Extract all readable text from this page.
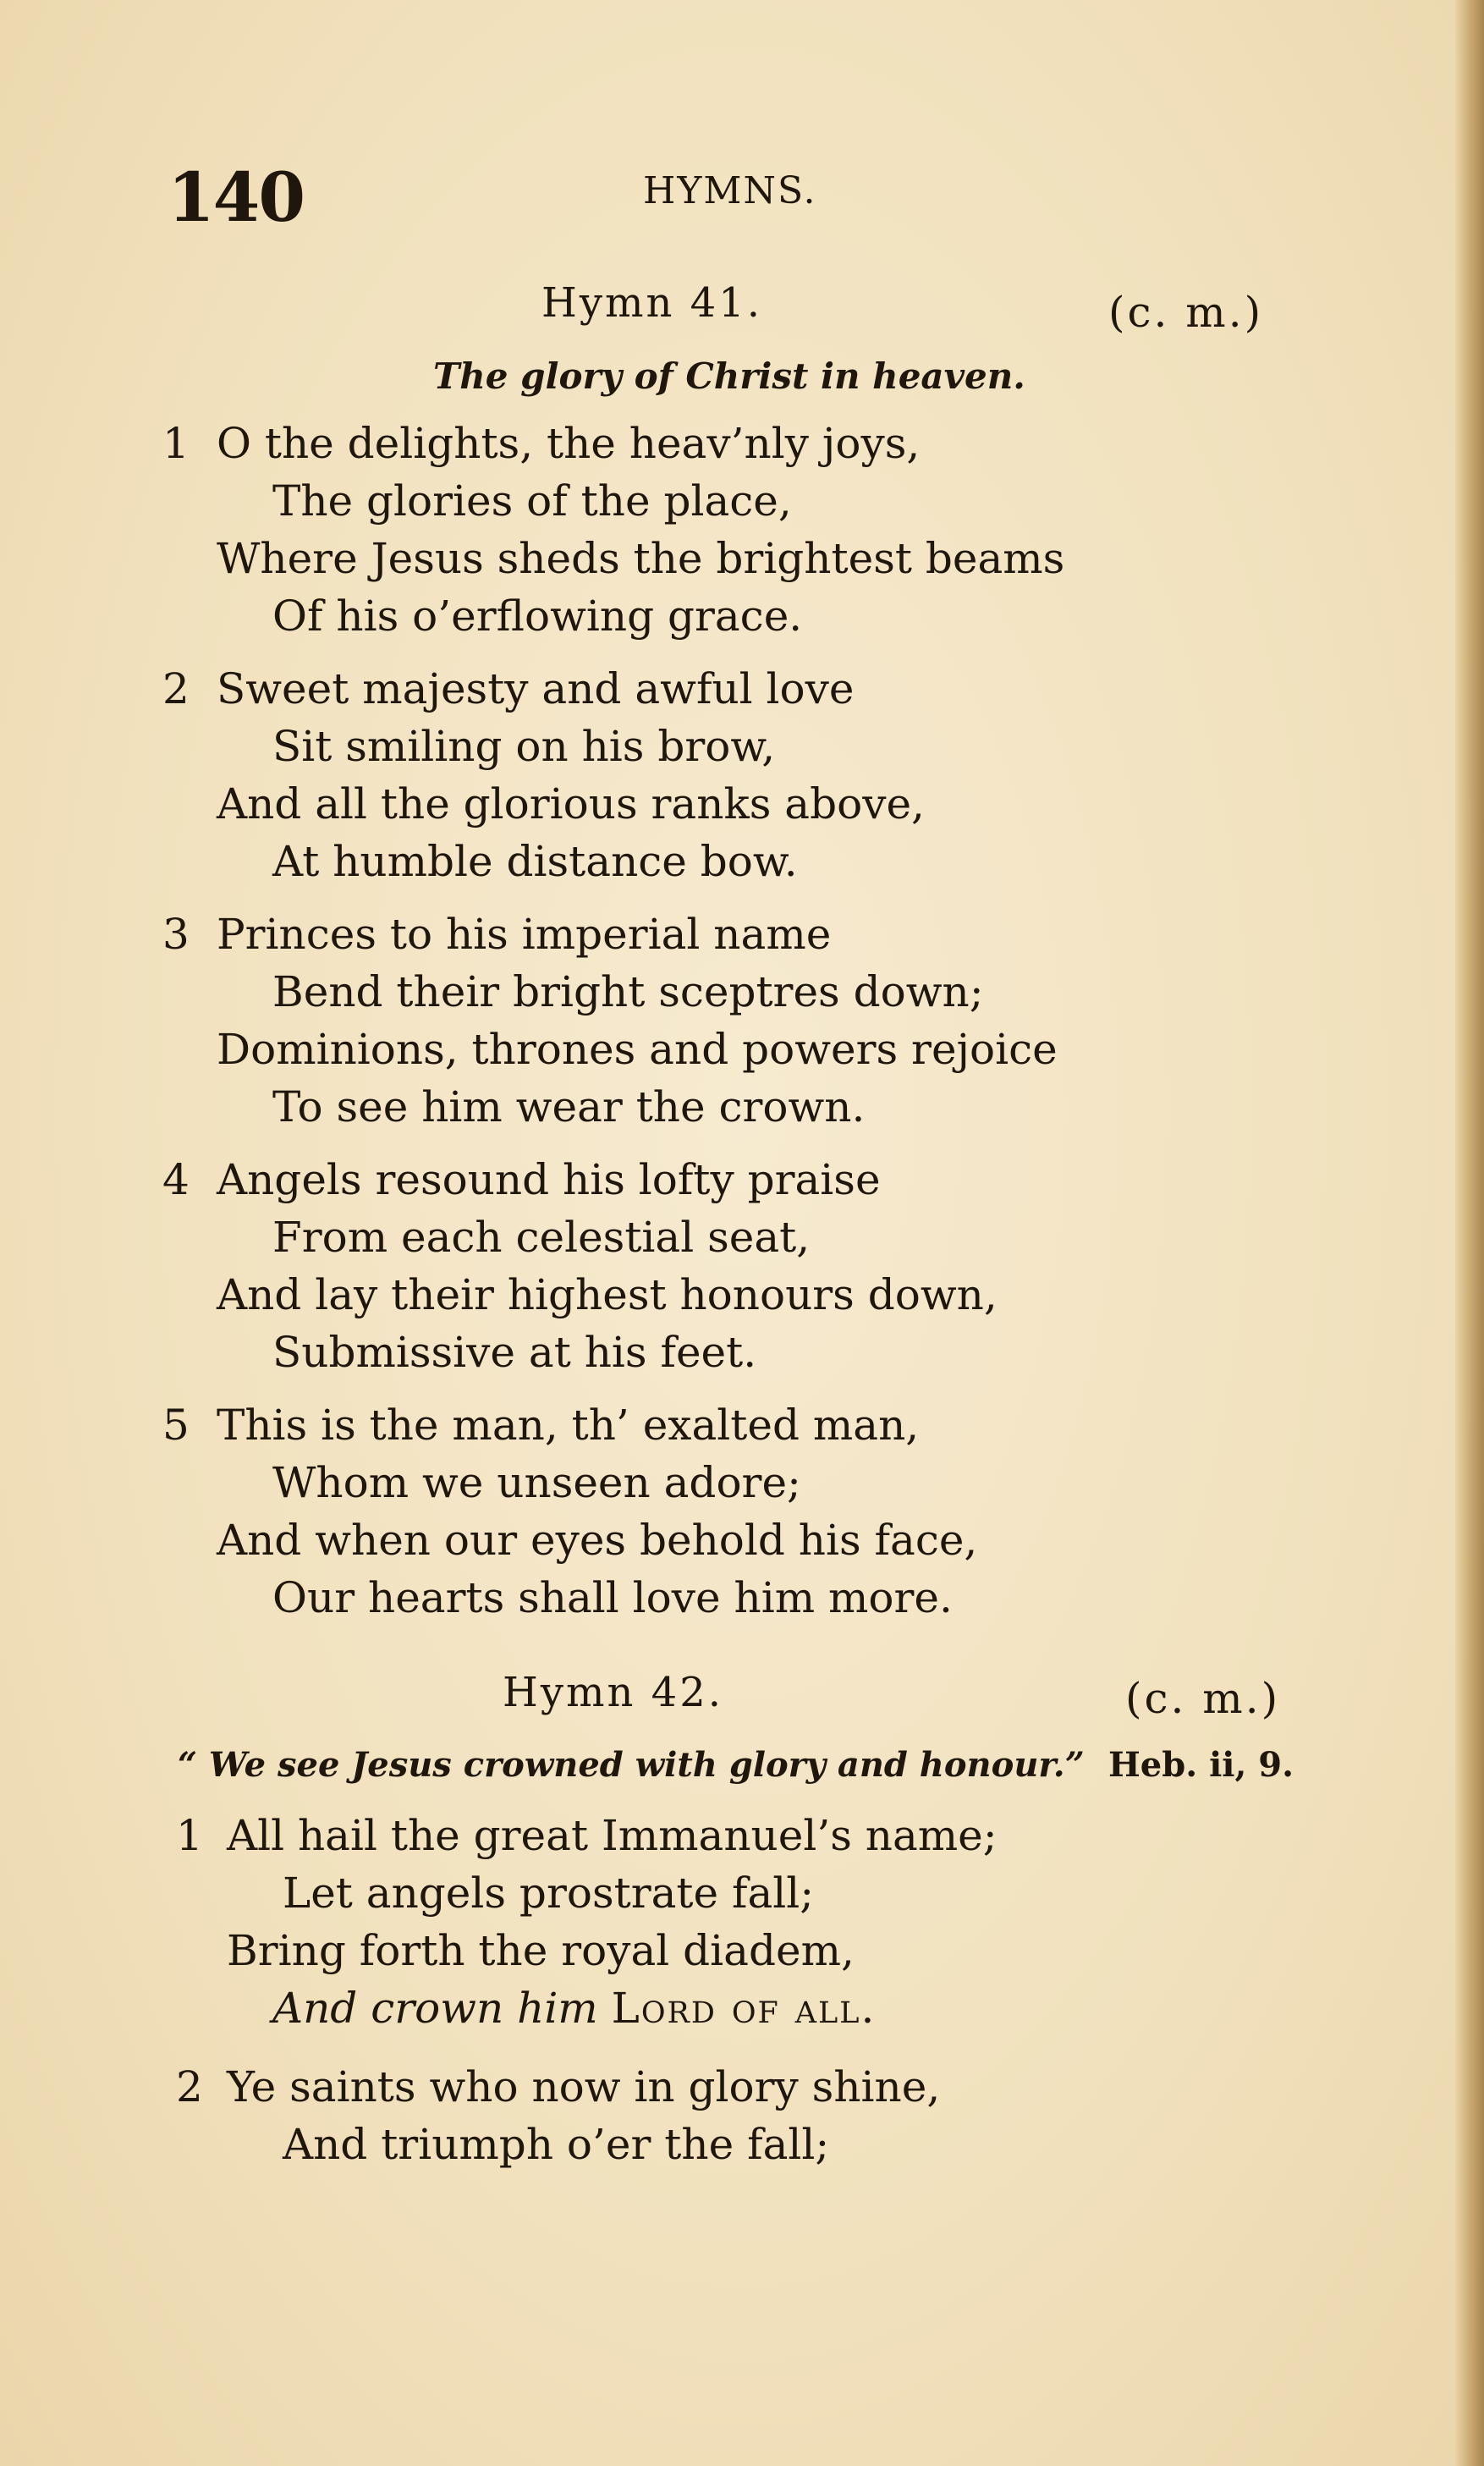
140	HYMNS.
Hymn 41.	(c. m.)
The glory of Christ in heaven.
1 O the delights, the heav’nly joys,
The glories of the place,
Where Jesus sheds the brightest beams
Of his o’erflowing grace.
2 Sweet majesty and awful love
Sit smiling on his brow,
And all the glorious ranks above,
At humble distance bow.
3 Princes to his imperial name
Bend their bright sceptres down;
Dominions, thrones and powers rejoice
To see him wear the crown.
4 Angels resound his lofty praise
From each celestial seat,
And lay their highest honours down,
Submissive at his feet.
5 This is the man, th’ exalted man,
Whom we unseen adore;
And when our eyes behold his face,
Our hearts shall love him more.
Hymn 42.	(c. m.)
“ We see Jesus crowned with glory and honour.” Heb. ii, 9.
1 All hail the great Immanuel’s name;
Let angels prostrate fall;
Bring forth the royal diadem,
And crown him Lord of all.
2 Ye saints who now in glory shine,
And triumph o’er the fall;
